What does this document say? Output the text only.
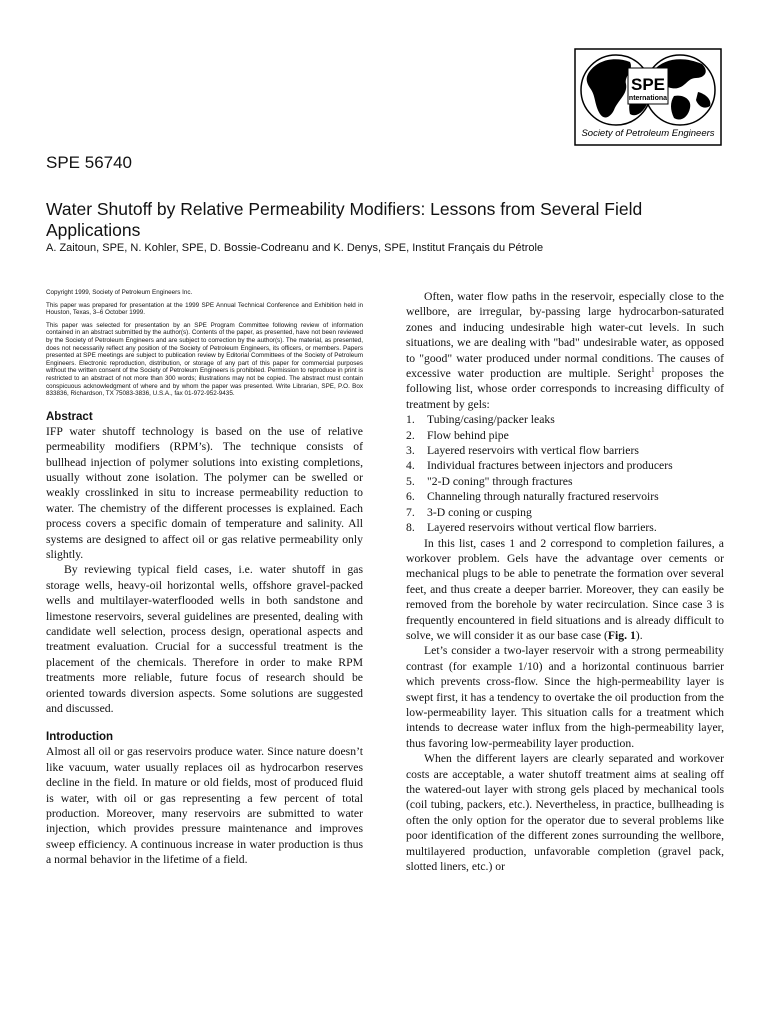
SPE
International
Society of Petroleum Engineers
SPE 56740
Water Shutoff by Relative Permeability Modifiers: Lessons from Several Field Applications

A. Zaitoun, SPE, N. Kohler, SPE, D. Bossie-Codreanu and K. Denys, SPE, Institut Français du Pétrole

Copyright 1999, Society of Petroleum Engineers Inc.

This paper was prepared for presentation at the 1999 SPE Annual Technical Conference and Exhibition held in Houston, Texas, 3–6 October 1999.

This paper was selected for presentation by an SPE Program Committee following review of information contained in an abstract submitted by the author(s). Contents of the paper, as presented, have not been reviewed by the Society of Petroleum Engineers and are subject to correction by the author(s). The material, as presented, does not necessarily reflect any position of the Society of Petroleum Engineers, its officers, or members. Papers presented at SPE meetings are subject to publication review by Editorial Committees of the Society of Petroleum Engineers. Electronic reproduction, distribution, or storage of any part of this paper for commercial purposes without the written consent of the Society of Petroleum Engineers is prohibited. Permission to reproduce in print is restricted to an abstract of not more than 300 words; illustrations may not be copied. The abstract must contain conspicuous acknowledgment of where and by whom the paper was presented. Write Librarian, SPE, P.O. Box 833836, Richardson, TX 75083-3836, U.S.A., fax 01-972-952-9435.

Abstract

IFP water shutoff technology is based on the use of relative permeability modifiers (RPM’s). The technique consists of bullhead injection of polymer solutions into existing completions, usually without zone isolation. The polymer can be swelled or weakly crosslinked in situ to increase permeability reduction to water. The chemistry of the different processes is explained. Each process covers a specific domain of temperature and salinity. All systems are designed to affect oil or gas relative permeability only slightly.

By reviewing typical field cases, i.e. water shutoff in gas storage wells, heavy-oil horizontal wells, offshore gravel-packed wells and multilayer-waterflooded wells in both sandstone and limestone reservoirs, several guidelines are presented, dealing with candidate well selection, process design, operational aspects and treatment evaluation. Crucial for a successful treatment is the placement of the chemicals. Therefore in order to make RPM treatments more reliable, future focus of research should be oriented towards diversion aspects. Some solutions are suggested and discussed.

Introduction

Almost all oil or gas reservoirs produce water. Since nature doesn’t like vacuum, water usually replaces oil as hydrocarbon reserves decline in the field. In mature or old fields, most of produced fluid is water, with oil or gas representing a few percent of total production. Moreover, many reservoirs are submitted to water injection, which provides pressure maintenance and improves sweep efficiency. A continuous increase in water production is thus a normal behavior in the lifetime of a field.

Often, water flow paths in the reservoir, especially close to the wellbore, are irregular, by-passing large hydrocarbon-saturated zones and inducing undesirable high water-cut levels. In such situations, we are dealing with "bad" undesirable water, as opposed to "good" water produced under normal conditions. The causes of excessive water production are multiple. Seright$^1$ proposes the following list, whose order corresponds to increasing difficulty of treatment by gels:

1.	Tubing/casing/packer leaks
2.	Flow behind pipe
3.	Layered reservoirs with vertical flow barriers
4.	Individual fractures between injectors and producers
5.	"2-D coning" through fractures
6.	Channeling through naturally fractured reservoirs
7.	3-D coning or cusping
8.	Layered reservoirs without vertical flow barriers.

In this list, cases 1 and 2 correspond to completion failures, a workover problem. Gels have the advantage over cements or mechanical plugs to be able to penetrate the formation over several feet, and thus create a deeper barrier. Moreover, they can easily be removed from the borehole by water recirculation. Since case 3 is frequently encountered in field situations and is already difficult to solve, we will consider it as our base case (Fig. 1).

Let’s consider a two-layer reservoir with a strong permeability contrast (for example 1/10) and a horizontal continuous barrier which prevents cross-flow. Since the high-permeability layer is swept first, it has a tendency to overtake the oil production from the low-permeability layer. This situation calls for a treatment which intends to decrease water influx from the high-permeability layer, thus favoring low-permeability layer production.

When the different layers are clearly separated and workover costs are acceptable, a water shutoff treatment aims at sealing off the watered-out layer with strong gels placed by mechanical tools (coil tubing, packers, etc.). Nevertheless, in practice, bullheading is often the only option for the operator due to several problems like poor identification of the different zones surrounding the wellbore, multilayered production, unfavorable completion (gravel pack, slotted liners, etc.) or
